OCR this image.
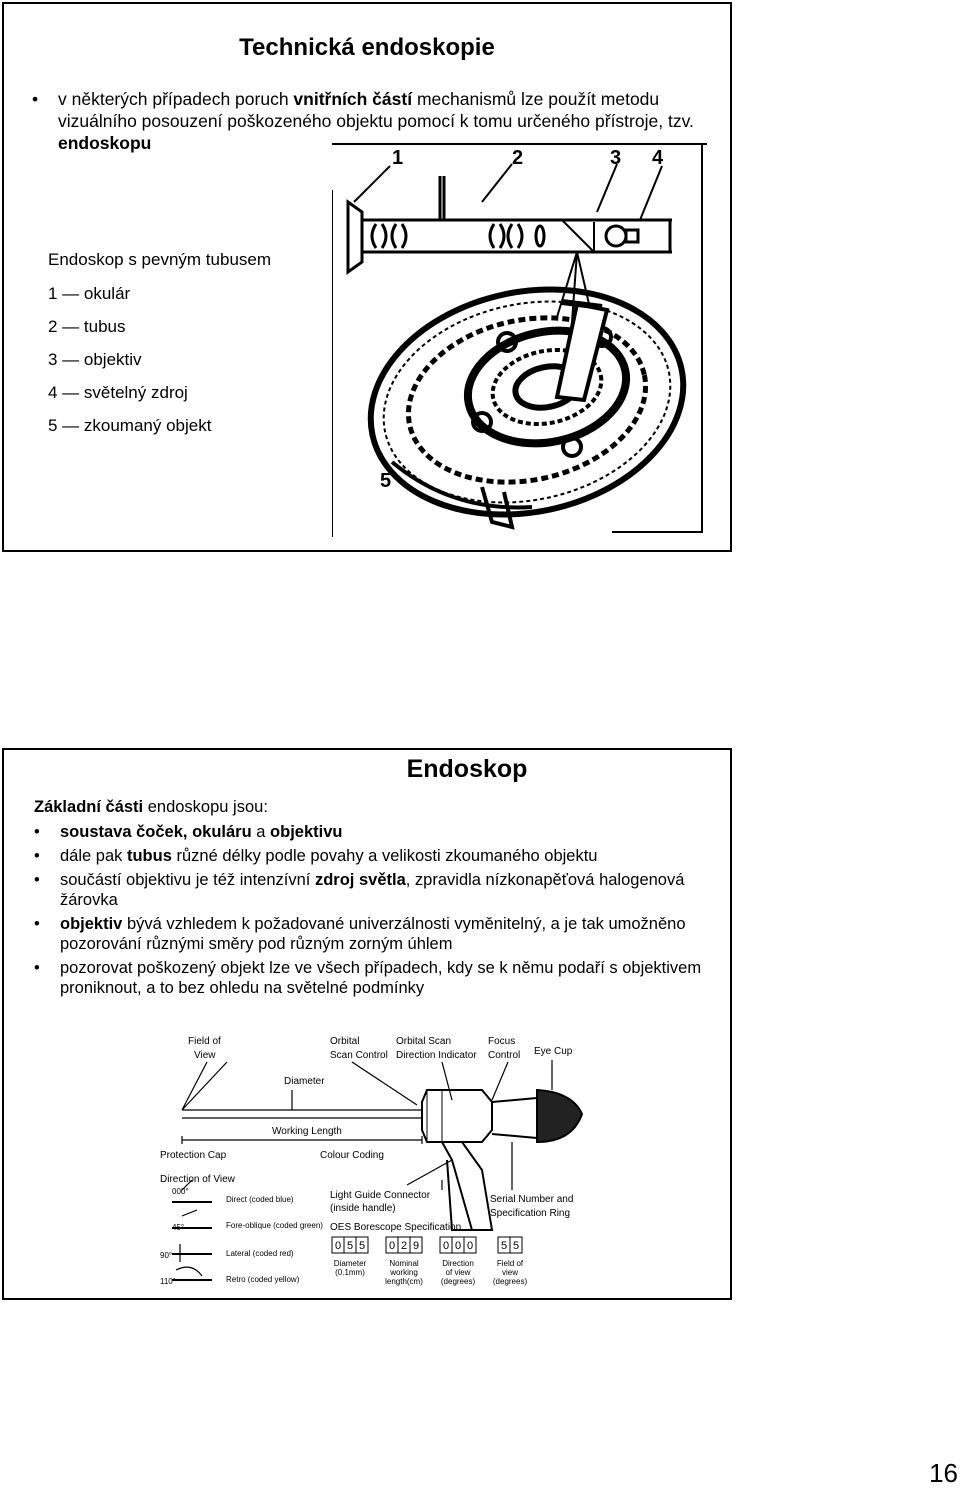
Technická endoskopie
• v některých případech poruch vnitřních částí mechanismů lze použít metodu vizuálního posouzení poškozeného objektu pomocí k tomu určeného přístroje, tzv. endoskopu
Endoskop s pevným tubusem
1 — okulár
2 — tubus
3 — objektiv
4 — světelný zdroj
5 — zkoumaný objekt
1	2	3 4
5
Endoskop
Základní části endoskopu jsou:
• soustava čoček, okuláru a objektivu
• dále pak tubus různé délky podle povahy a velikosti zkoumaného objektu
• součástí objektivu je též intenzívní zdroj světla, zpravidla nízkonapěťová halogenová žárovka
• objektiv bývá vzhledem k požadované univerzálnosti vyměnitelný, a je tak umožněno pozorování různými směry pod různým zorným úhlem
• pozorovat poškozený objekt lze ve všech případech, kdy se k němu podaří s objektivem proniknout, a to bez ohledu na světelné podmínky
Field of
View
Orbital
Scan Control
Orbital Scan
Direction Indicator
Focus
Control Eye Cup
Diameter
Working Length
Protection Cap	Colour Coding
Direction of View
000°
45°
90°
110°
Direct (coded blue)
Fore-oblique (coded green)
Lateral (coded red)
Retro (coded yellow)
Light Guide Connector
(inside handle)
Serial Number and
Specification Ring
OES Borescope Specification
0 5 5 0 2 9 0 0 0	5 5
Diameter
(0.1mm)
Nominal
working
length(cm)
Direction
of view
(degrees)
Field of
view
(degrees)
16
